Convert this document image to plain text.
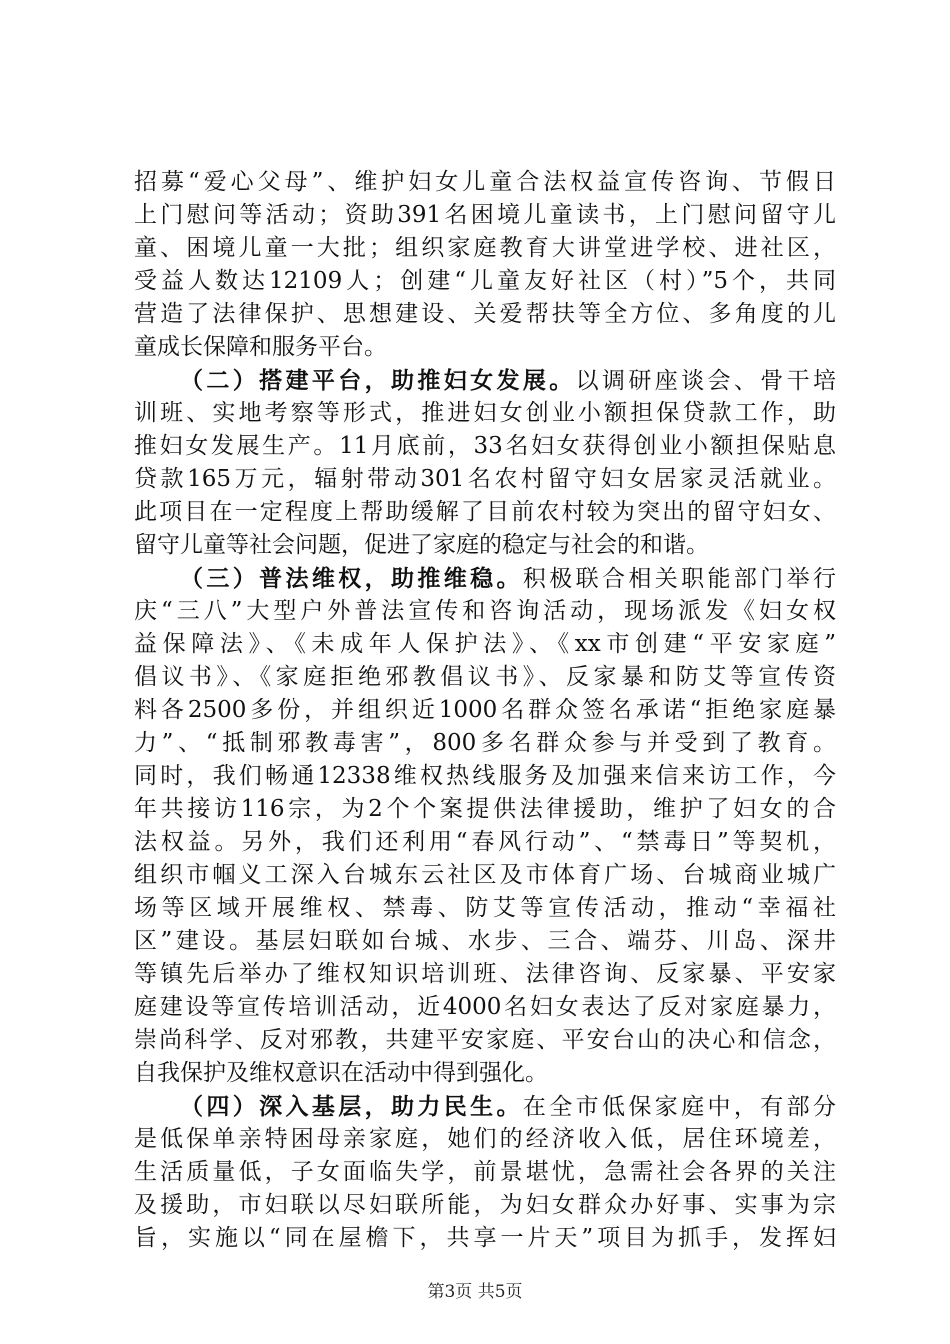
招募“爱心父母”、维护妇女儿童合法权益宣传咨询、节假日
上门慰问等活动；资助391名困境儿童读书，上门慰问留守儿
童、困境儿童一大批；组织家庭教育大讲堂进学校、进社区，
受益人数达12109人；创建“儿童友好社区（村）”5个，共同
营造了法律保护、思想建设、关爱帮扶等全方位、多角度的儿
童成长保障和服务平台。
（二）搭建平台，助推妇女发展。以调研座谈会、骨干培
训班、实地考察等形式，推进妇女创业小额担保贷款工作，助
推妇女发展生产。11月底前，33名妇女获得创业小额担保贴息
贷款165万元，辐射带动301名农村留守妇女居家灵活就业。
此项目在一定程度上帮助缓解了目前农村较为突出的留守妇女、
留守儿童等社会问题，促进了家庭的稳定与社会的和谐。
（三）普法维权，助推维稳。积极联合相关职能部门举行
庆“三八”大型户外普法宣传和咨询活动，现场派发《妇女权
益保障法》、《未成年人保护法》、《xx市创建“平安家庭”
倡议书》、《家庭拒绝邪教倡议书》、反家暴和防艾等宣传资
料各2500多份，并组织近1000名群众签名承诺“拒绝家庭暴
力”、“抵制邪教毒害”，800多名群众参与并受到了教育。
同时，我们畅通12338维权热线服务及加强来信来访工作，今
年共接访116宗，为2个个案提供法律援助，维护了妇女的合
法权益。另外，我们还利用“春风行动”、“禁毒日”等契机，
组织市帼义工深入台城东云社区及市体育广场、台城商业城广
场等区域开展维权、禁毒、防艾等宣传活动，推动“幸福社
区”建设。基层妇联如台城、水步、三合、端芬、川岛、深井
等镇先后举办了维权知识培训班、法律咨询、反家暴、平安家
庭建设等宣传培训活动，近4000名妇女表达了反对家庭暴力，
崇尚科学、反对邪教，共建平安家庭、平安台山的决心和信念，
自我保护及维权意识在活动中得到强化。
（四）深入基层，助力民生。在全市低保家庭中，有部分
是低保单亲特困母亲家庭，她们的经济收入低，居住环境差，
生活质量低，子女面临失学，前景堪忧，急需社会各界的关注
及援助，市妇联以尽妇联所能，为妇女群众办好事、实事为宗
旨，实施以“同在屋檐下，共享一片天”项目为抓手，发挥妇
第3页 共5页
